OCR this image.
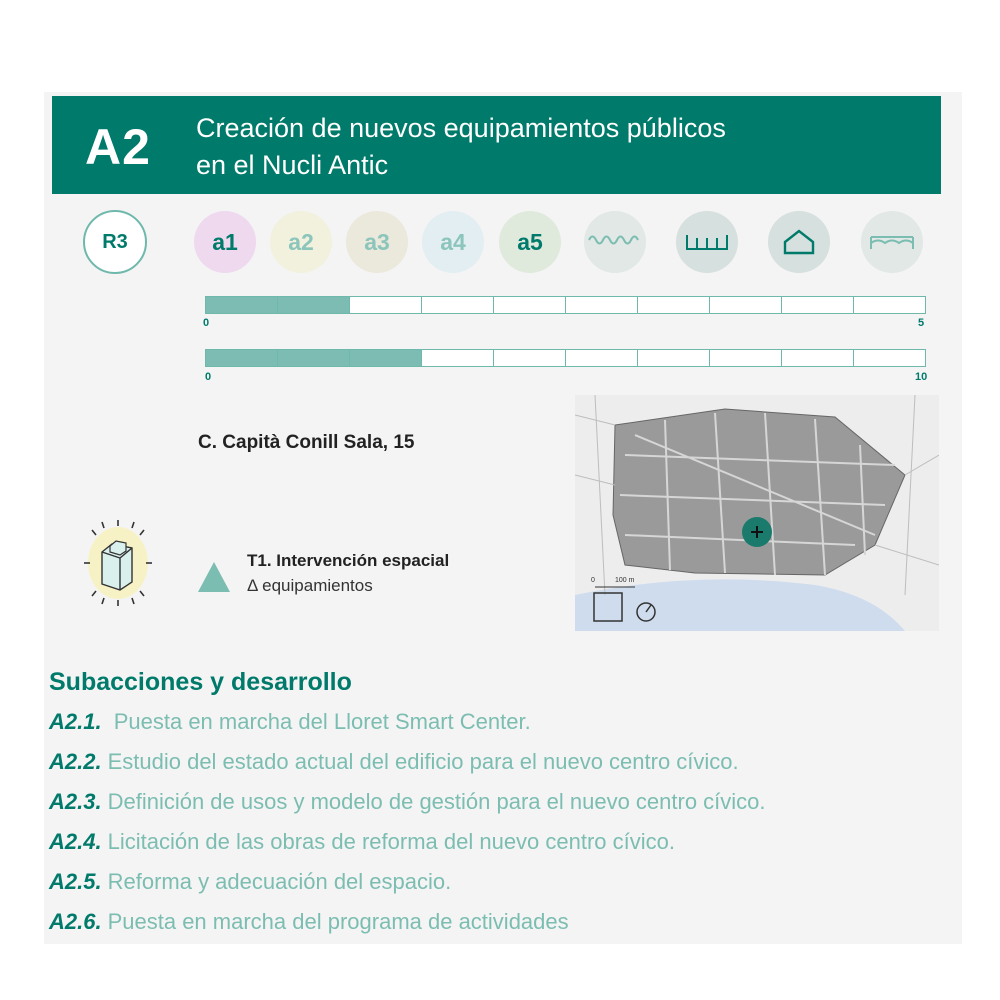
A2 Creación de nuevos equipamientos públicos
en el Nucli Antic
R3	a1 a2 a3 a4 a5
0	5
0	10
C. Capità Conill Sala, 15
T1. Intervención espacial
Δ equipamientos	0	100 m
Subacciones y desarrollo
A2.1. Puesta en marcha del Lloret Smart Center.
A2.2. Estudio del estado actual del edificio para el nuevo centro cívico.
A2.3. Definición de usos y modelo de gestión para el nuevo centro cívico.
A2.4. Licitación de las obras de reforma del nuevo centro cívico.
A2.5. Reforma y adecuación del espacio.
A2.6. Puesta en marcha del programa de actividades
